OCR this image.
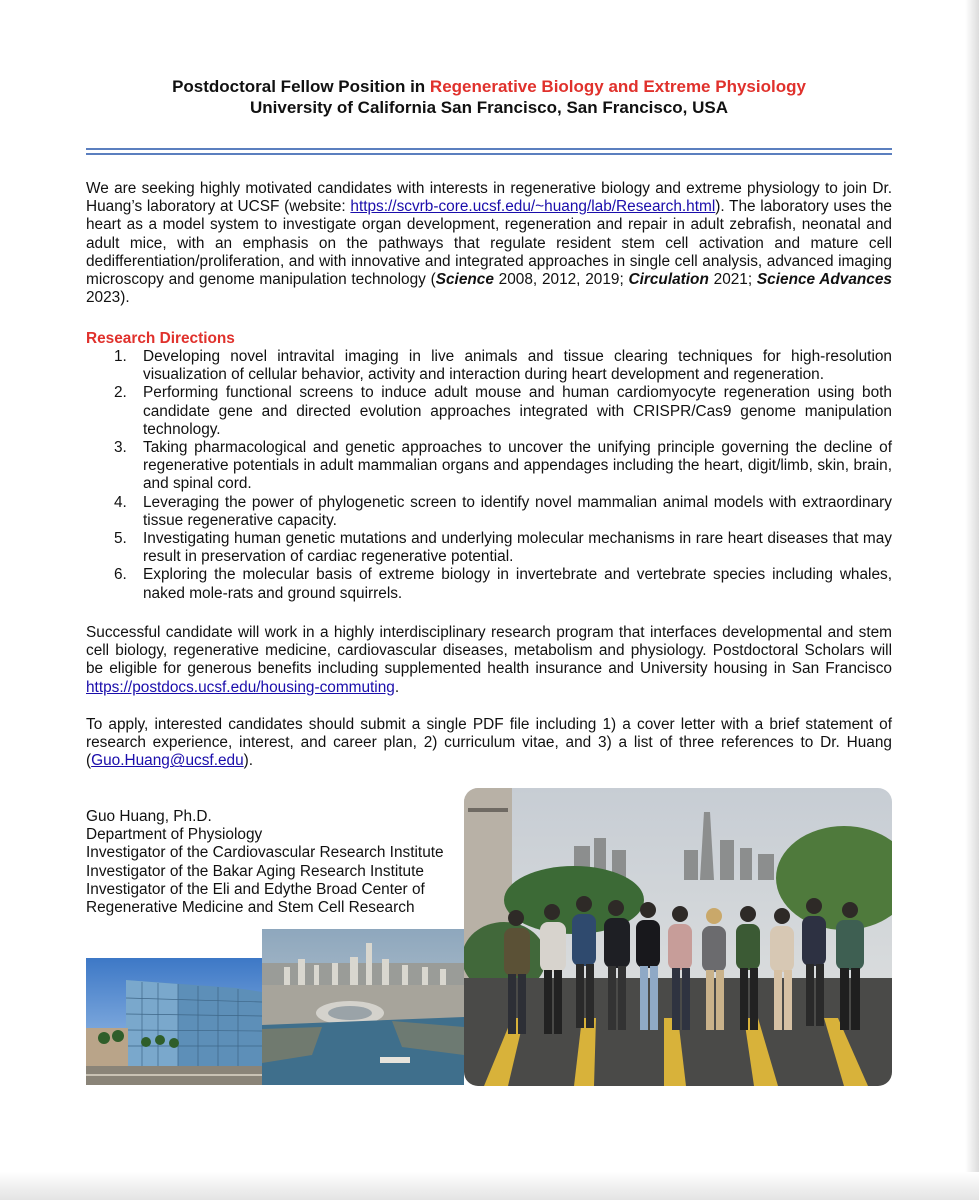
Postdoctoral Fellow Position in Regenerative Biology and Extreme Physiology
University of California San Francisco, San Francisco, USA
We are seeking highly motivated candidates with interests in regenerative biology and extreme physiology to join Dr. Huang’s laboratory at UCSF (website: https://scvrb-core.ucsf.edu/~huang/lab/Research.html). The laboratory uses the heart as a model system to investigate organ development, regeneration and repair in adult zebrafish, neonatal and adult mice, with an emphasis on the pathways that regulate resident stem cell activation and mature cell dedifferentiation/proliferation, and with innovative and integrated approaches in single cell analysis, advanced imaging microscopy and genome manipulation technology (Science 2008, 2012, 2019; Circulation 2021; Science Advances 2023).
Research Directions
1. Developing novel intravital imaging in live animals and tissue clearing techniques for high-resolution visualization of cellular behavior, activity and interaction during heart development and regeneration.
2. Performing functional screens to induce adult mouse and human cardiomyocyte regeneration using both candidate gene and directed evolution approaches integrated with CRISPR/Cas9 genome manipulation technology.
3. Taking pharmacological and genetic approaches to uncover the unifying principle governing the decline of regenerative potentials in adult mammalian organs and appendages including the heart, digit/limb, skin, brain, and spinal cord.
4. Leveraging the power of phylogenetic screen to identify novel mammalian animal models with extraordinary tissue regenerative capacity.
5. Investigating human genetic mutations and underlying molecular mechanisms in rare heart diseases that may result in preservation of cardiac regenerative potential.
6. Exploring the molecular basis of extreme biology in invertebrate and vertebrate species including whales, naked mole-rats and ground squirrels.
Successful candidate will work in a highly interdisciplinary research program that interfaces developmental and stem cell biology, regenerative medicine, cardiovascular diseases, metabolism and physiology. Postdoctoral Scholars will be eligible for generous benefits including supplemented health insurance and University housing in San Francisco https://postdocs.ucsf.edu/housing-commuting.
To apply, interested candidates should submit a single PDF file including 1) a cover letter with a brief statement of research experience, interest, and career plan, 2) curriculum vitae, and 3) a list of three references to Dr. Huang (Guo.Huang@ucsf.edu).
Guo Huang, Ph.D.
Department of Physiology
Investigator of the Cardiovascular Research Institute
Investigator of the Bakar Aging Research Institute
Investigator of the Eli and Edythe Broad Center of
Regenerative Medicine and Stem Cell Research
